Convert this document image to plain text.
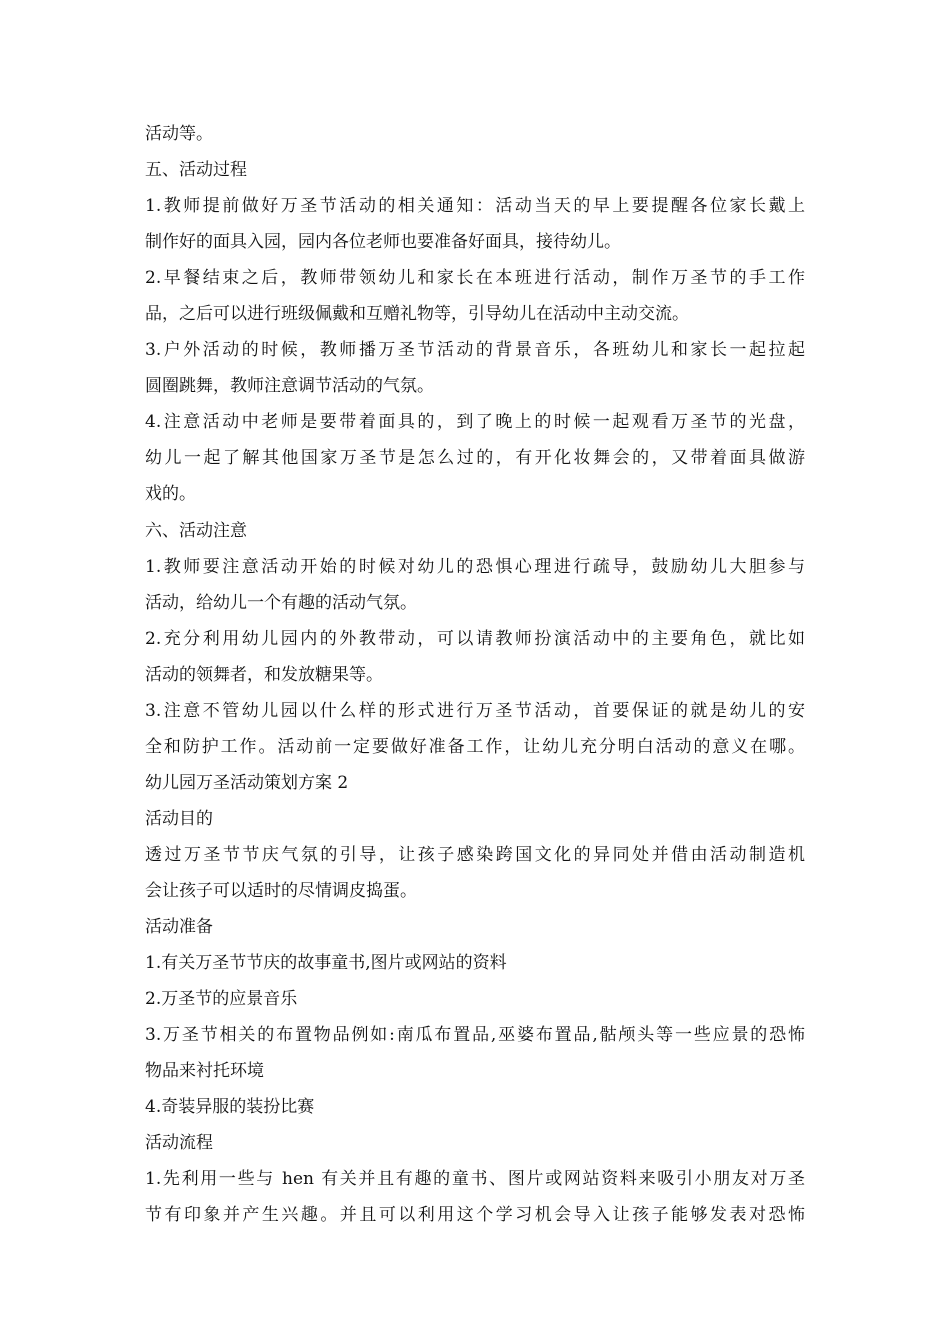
活动等。
五、活动过程
1.教师提前做好万圣节活动的相关通知：活动当天的早上要提醒各位家长戴上
制作好的面具入园，园内各位老师也要准备好面具，接待幼儿。
2.早餐结束之后，教师带领幼儿和家长在本班进行活动，制作万圣节的手工作
品，之后可以进行班级佩戴和互赠礼物等，引导幼儿在活动中主动交流。
3.户外活动的时候，教师播万圣节活动的背景音乐，各班幼儿和家长一起拉起
圆圈跳舞，教师注意调节活动的气氛。
4.注意活动中老师是要带着面具的，到了晚上的时候一起观看万圣节的光盘，
幼儿一起了解其他国家万圣节是怎么过的，有开化妆舞会的，又带着面具做游
戏的。
六、活动注意
1.教师要注意活动开始的时候对幼儿的恐惧心理进行疏导，鼓励幼儿大胆参与
活动，给幼儿一个有趣的活动气氛。
2.充分利用幼儿园内的外教带动，可以请教师扮演活动中的主要角色，就比如
活动的领舞者，和发放糖果等。
3.注意不管幼儿园以什么样的形式进行万圣节活动，首要保证的就是幼儿的安
全和防护工作。活动前一定要做好准备工作，让幼儿充分明白活动的意义在哪。
幼儿园万圣活动策划方案 2
活动目的
透过万圣节节庆气氛的引导，让孩子感染跨国文化的异同处并借由活动制造机
会让孩子可以适时的尽情调皮捣蛋。
活动准备
1.有关万圣节节庆的故事童书,图片或网站的资料
2.万圣节的应景音乐
3.万圣节相关的布置物品例如:南瓜布置品,巫婆布置品,骷颅头等一些应景的恐怖
物品来衬托环境
4.奇装异服的装扮比赛
活动流程
1.先利用一些与 hen 有关并且有趣的童书、图片或网站资料来吸引小朋友对万圣
节有印象并产生兴趣。并且可以利用这个学习机会导入让孩子能够发表对恐怖
